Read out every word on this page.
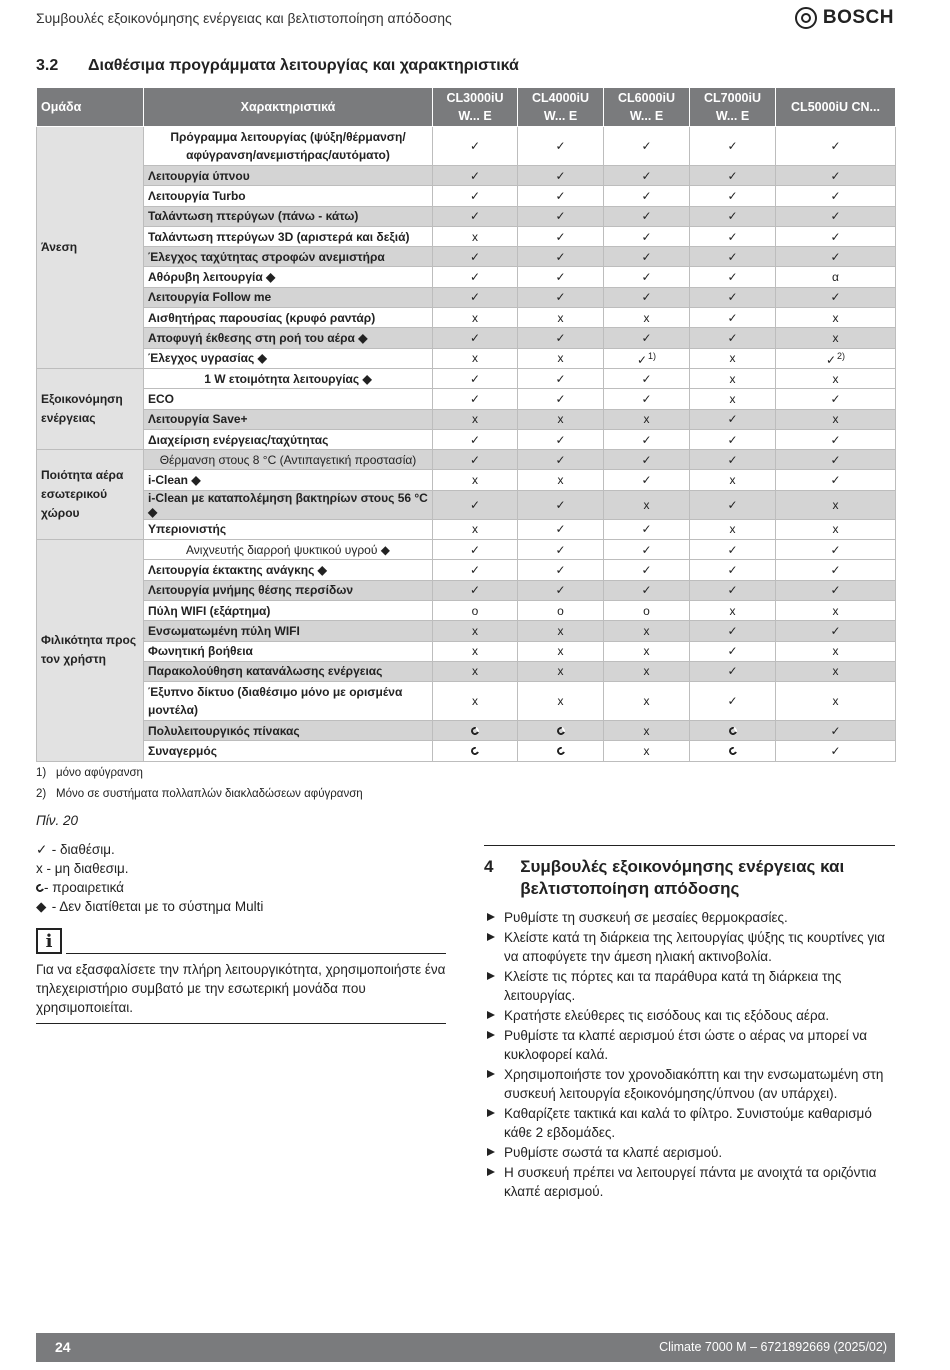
Συμβουλές εξοικονόμησης ενέργειας και βελτιστοποίηση απόδοσης	BOSCH
3.2 Διαθέσιμα προγράμματα λειτουργίας και χαρακτηριστικά
Ομάδα	Χαρακτηριστικά	CL3000iU W... E	CL4000iU W... E	CL6000iU W... E	CL7000iU W... E	CL5000iU CN...
Άνεση	Πρόγραμμα λειτουργίας (ψύξη/θέρμανση/ αφύγρανση/ανεμιστήρας/αυτόματο)	✓	✓	✓	✓	✓
	Λειτουργία ύπνου	✓	✓	✓	✓	✓
	Λειτουργία Turbo	✓	✓	✓	✓	✓
	Ταλάντωση πτερύγων (πάνω - κάτω)	✓	✓	✓	✓	✓
	Ταλάντωση πτερύγων 3D (αριστερά και δεξιά)	x	✓	✓	✓	✓
	Έλεγχος ταχύτητας στροφών ανεμιστήρα	✓	✓	✓	✓	✓
	Αθόρυβη λειτουργία ◆	✓	✓	✓	✓	α
	Λειτουργία Follow me	✓	✓	✓	✓	✓
	Αισθητήρας παρουσίας (κρυφό ραντάρ)	x	x	x	✓	x
	Αποφυγή έκθεσης στη ροή του αέρα ◆	✓	✓	✓	✓	x
	Έλεγχος υγρασίας ◆	x	x	✓$^{1)}$	x	✓$^{2)}$
Εξοικονόμηση ενέργειας	1 W ετοιμότητα λειτουργίας ◆	✓	✓	✓	x	x
	ECO	✓	✓	✓	x	✓
	Λειτουργία Save+	x	x	x	✓	x
	Διαχείριση ενέργειας/ταχύτητας	✓	✓	✓	✓	✓
Ποιότητα αέρα εσωτερικού χώρου	Θέρμανση στους 8 °C (Αντιπαγετική προστασία)	✓	✓	✓	✓	✓
	i-Clean ◆	x	x	✓	x	✓
	i-Clean με καταπολέμηση βακτηρίων στους 56 °C ◆	✓	✓	x	✓	x
	Υπεριονιστής	x	✓	✓	x	x
Φιλικότητα προς τον χρήστη	Ανιχνευτής διαρροή ψυκτικού υγρού ◆	✓	✓	✓	✓	✓
	Λειτουργία έκτακτης ανάγκης ◆	✓	✓	✓	✓	✓
	Λειτουργία μνήμης θέσης περσίδων	✓	✓	✓	✓	✓
	Πύλη WIFI (εξάρτημα)	o	o	o	x	x
	Ενσωματωμένη πύλη WIFI	x	x	x	✓	✓
	Φωνητική βοήθεια	x	x	x	✓	x
	Παρακολούθηση κατανάλωσης ενέργειας	x	x	x	✓	x
	Έξυπνο δίκτυο (διαθέσιμο μόνο με ορισμένα μοντέλα)	x	x	x	✓	x
	Πολυλειτουργικός πίνακας			x		✓
	Συναγερμός			x		✓
1) μόνο αφύγρανση
2) Μόνο σε συστήματα πολλαπλών διακλαδώσεων αφύγρανση
Πίν. 20
✓ - διαθέσιμ.
x - μη διαθεσιμ.
- προαιρετικά
◆ - Δεν διατίθεται με το σύστημα Multi
i
Για να εξασφαλίσετε την πλήρη λειτουργικότητα, χρησιμοποιήστε ένα τηλεχειριστήριο συμβατό με την εσωτερική μονάδα που χρησιμοποιείται.
4	Συμβουλές εξοικονόμησης ενέργειας και βελτιστοποίηση απόδοσης
Ρυθμίστε τη συσκευή σε μεσαίες θερμοκρασίες.
Κλείστε κατά τη διάρκεια της λειτουργίας ψύξης τις κουρτίνες για να αποφύγετε την άμεση ηλιακή ακτινοβολία.
Κλείστε τις πόρτες και τα παράθυρα κατά τη διάρκεια της λειτουργίας.
Κρατήστε ελεύθερες τις εισόδους και τις εξόδους αέρα.
Ρυθμίστε τα κλαπέ αερισμού έτσι ώστε ο αέρας να μπορεί να κυκλοφορεί καλά.
Χρησιμοποιήστε τον χρονοδιακόπτη και την ενσωματωμένη στη συσκευή λειτουργία εξοικονόμησης/ύπνου (αν υπάρχει).
Καθαρίζετε τακτικά και καλά το φίλτρο. Συνιστούμε καθαρισμό κάθε 2 εβδομάδες.
Ρυθμίστε σωστά τα κλαπέ αερισμού.
Η συσκευή πρέπει να λειτουργεί πάντα με ανοιχτά τα οριζόντια κλαπέ αερισμού.
24	Climate 7000 M – 6721892669 (2025/02)
